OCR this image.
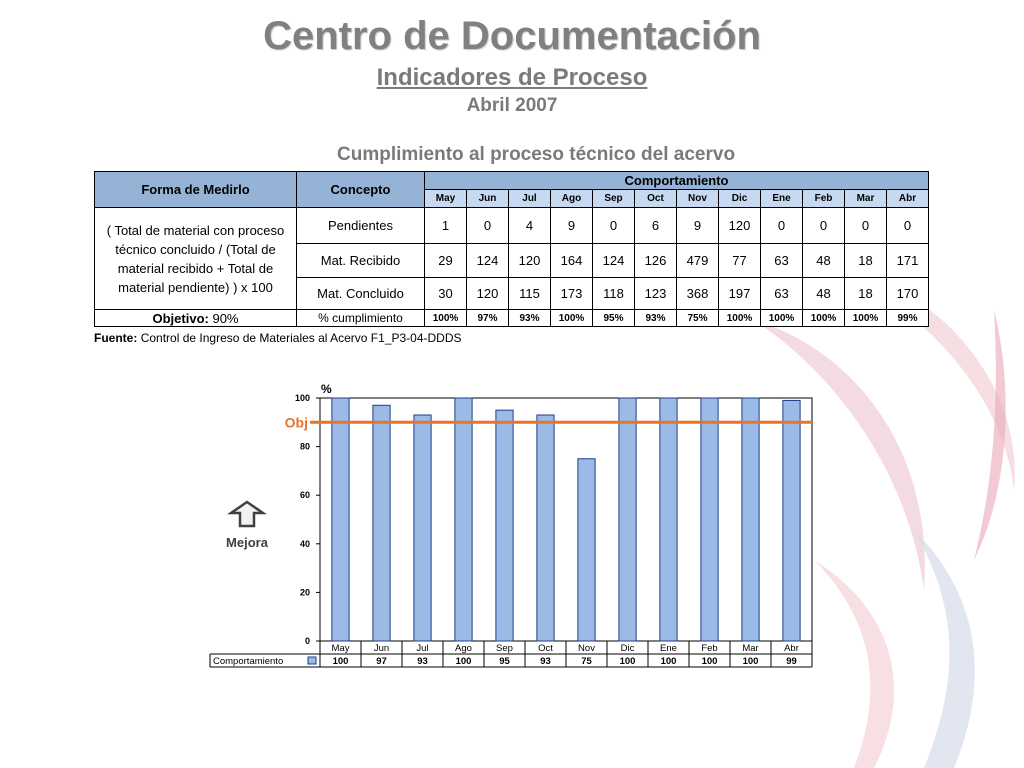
Centro de Documentación
Indicadores de Proceso
Abril 2007
Cumplimiento al proceso técnico del acervo
Forma de Medirlo	Concepto	Comportamiento											
		May	Jun	Jul	Ago	Sep	Oct	Nov	Dic	Ene	Feb	Mar	Abr
( Total de material con proceso técnico concluido / (Total de material recibido + Total de material pendiente) ) x 100	Pendientes	1	0	4	9	0	6	9	120	0	0	0	0
	Mat. Recibido	29	124	120	164	124	126	479	77	63	48	18	171
	Mat. Concluido	30	120	115	173	118	123	368	197	63	48	18	170
Objetivo: 90%	% cumplimiento	100%	97%	93%	100%	95%	93%	75%	100%	100%	100%	100%	99%
Fuente: Control de Ingreso de Materiales al Acervo F1_P3-04-DDDS
Mejora
0
20
40
60
80
100
%
Obj
May	Jun	Jul	Ago	Sep	Oct	Nov	Dic	Ene	Feb	Mar	Abr
Comportamiento	100	97	93	100	95	93	75	100	100	100	100	99
